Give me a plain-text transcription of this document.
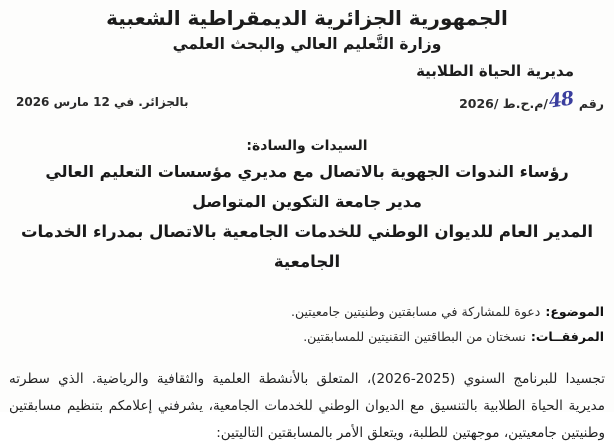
الجمهورية الجزائرية الديمقراطية الشعبية
وزارة التَّعليم العالي والبحث العلمي
مديرية الحياة الطلابية
رقم 48/م.ح.ط /2026
بالجزائر. في 12 مارس 2026
السيدات والسادة:
رؤساء الندوات الجهوية بالاتصال مع مديري مؤسسات التعليم العالي
مدير جامعة التكوين المتواصل
المدير العام للديوان الوطني للخدمات الجامعية بالاتصال بمدراء الخدمات الجامعية
الموضوع:دعوة للمشاركة في مسابقتين وطنيتين جامعيتين.
المرفقــات:نسختان من البطاقتين التقنيتين للمسابقتين.
تجسيدا للبرنامج السنوي (2025-2026)، المتعلق بالأنشطة العلمية والثقافية والرياضية. الذي سطرته
مديرية الحياة الطلابية بالتنسيق مع الديوان الوطني للخدمات الجامعية، يشرفني إعلامكم بتنظيم مسابقتين
وطنيتين جامعيتين، موجهتين للطلبة، ويتعلق الأمر بالمسابقتين التاليتين:
